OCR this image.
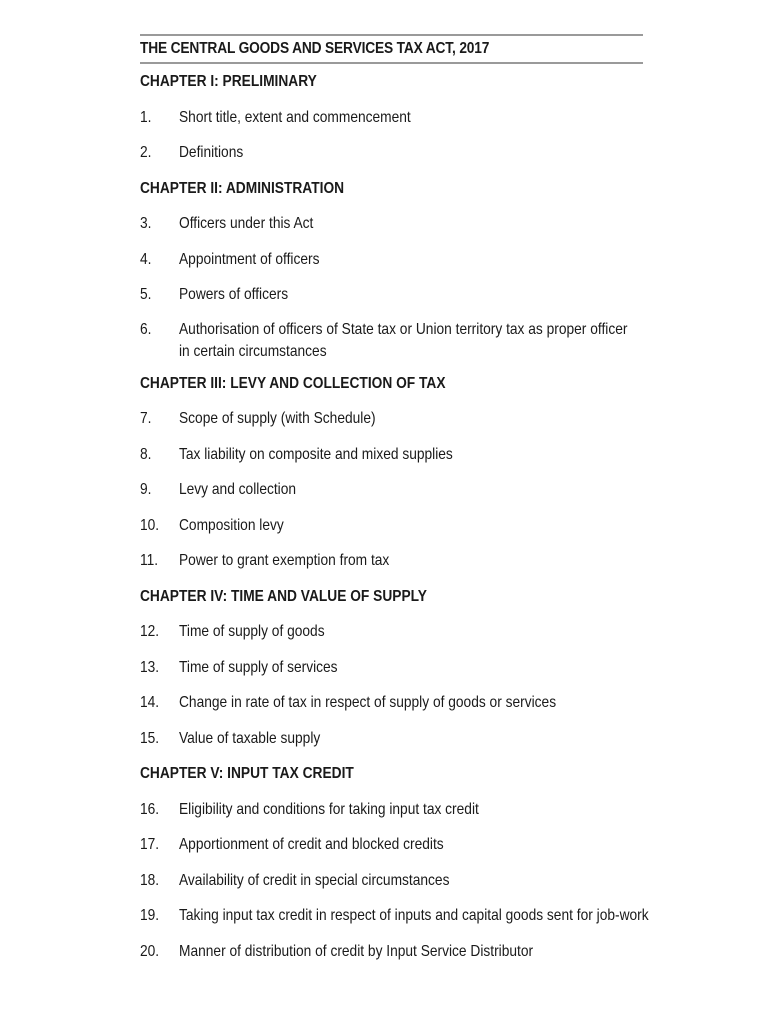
THE CENTRAL GOODS AND SERVICES TAX ACT, 2017
CHAPTER I: PRELIMINARY
1.	Short title, extent and commencement
2.	Definitions
CHAPTER II: ADMINISTRATION
3.	Officers under this Act
4.	Appointment of officers
5.	Powers of officers
6.	Authorisation of officers of State tax or Union territory tax as proper officer
in certain circumstances
CHAPTER III: LEVY AND COLLECTION OF TAX
7.	Scope of supply (with Schedule)
8.	Tax liability on composite and mixed supplies
9.	Levy and collection
10.	Composition levy
11.	Power to grant exemption from tax
CHAPTER IV: TIME AND VALUE OF SUPPLY
12.	Time of supply of goods
13.	Time of supply of services
14.	Change in rate of tax in respect of supply of goods or services
15.	Value of taxable supply
CHAPTER V: INPUT TAX CREDIT
16.	Eligibility and conditions for taking input tax credit
17.	Apportionment of credit and blocked credits
18.	Availability of credit in special circumstances
19.	Taking input tax credit in respect of inputs and capital goods sent for job-work
20.	Manner of distribution of credit by Input Service Distributor
